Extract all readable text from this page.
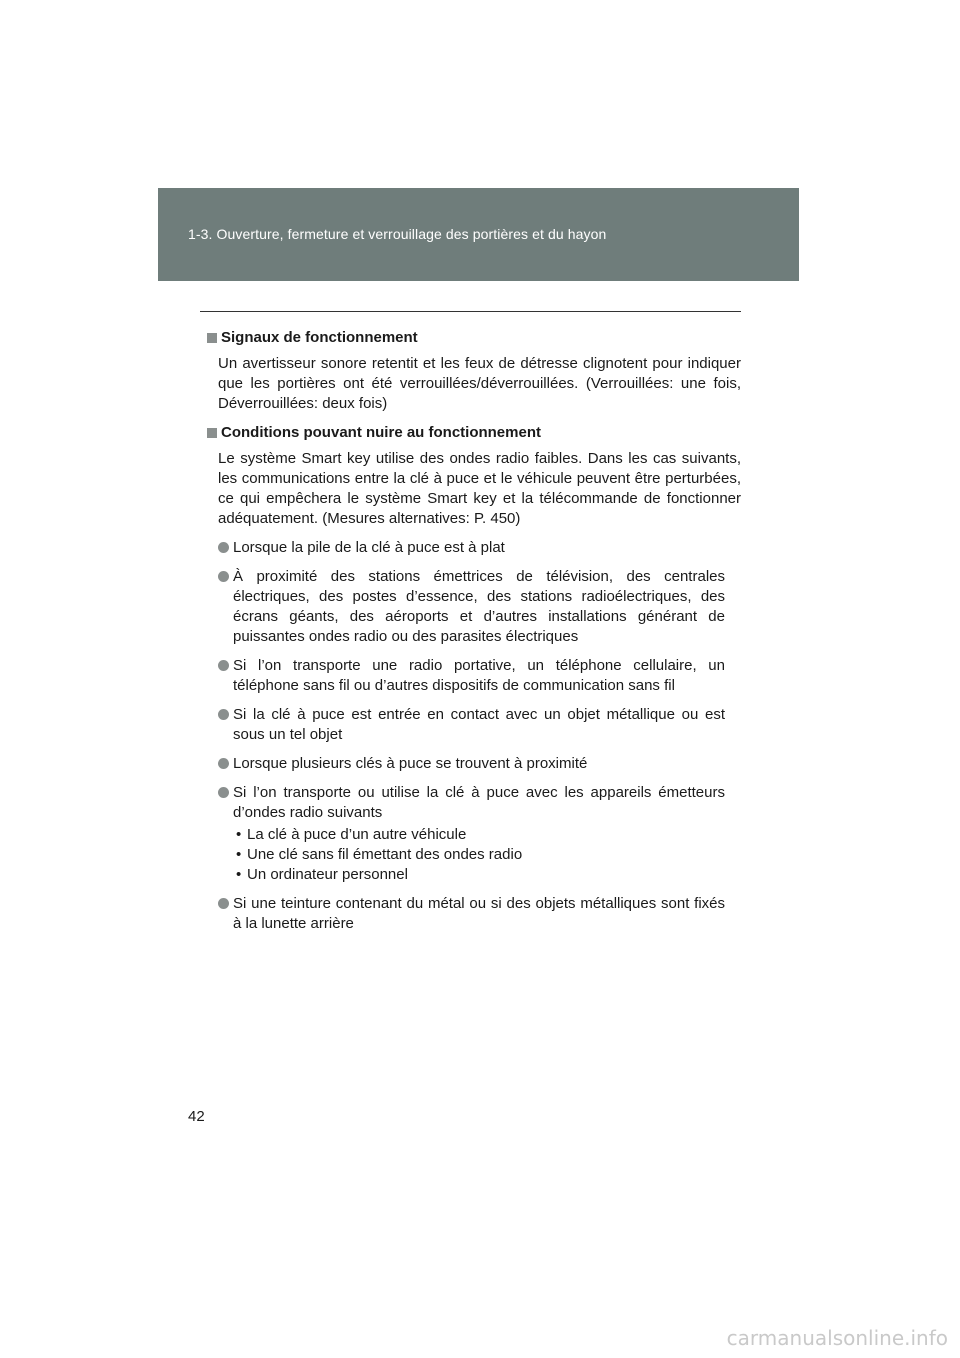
1-3. Ouverture, fermeture et verrouillage des portières et du hayon
Signaux de fonctionnement

Un avertisseur sonore retentit et les feux de détresse clignotent pour indiquer que les portières ont été verrouillées/déverrouillées. (Verrouillées: une fois, Déverrouillées: deux fois)

Conditions pouvant nuire au fonctionnement

Le système Smart key utilise des ondes radio faibles. Dans les cas suivants, les communications entre la clé à puce et le véhicule peuvent être perturbées, ce qui empêchera le système Smart key et la télécommande de fonctionner adéquatement. (Mesures alternatives: P. 450)

Lorsque la pile de la clé à puce est à plat
À proximité des stations émettrices de télévision, des centrales électriques, des postes d’essence, des stations radioélectriques, des écrans géants, des aéroports et d’autres installations générant de puissantes ondes radio ou des parasites électriques
Si l’on transporte une radio portative, un téléphone cellulaire, un téléphone sans fil ou d’autres dispositifs de communication sans fil
Si la clé à puce est entrée en contact avec un objet métallique ou est sous un tel objet
Lorsque plusieurs clés à puce se trouvent à proximité
Si l’on transporte ou utilise la clé à puce avec les appareils émetteurs d’ondes radio suivants
• La clé à puce d’un autre véhicule
• Une clé sans fil émettant des ondes radio
• Un ordinateur personnel
Si une teinture contenant du métal ou si des objets métalliques sont fixés à la lunette arrière
42
carmanualsonline.info
